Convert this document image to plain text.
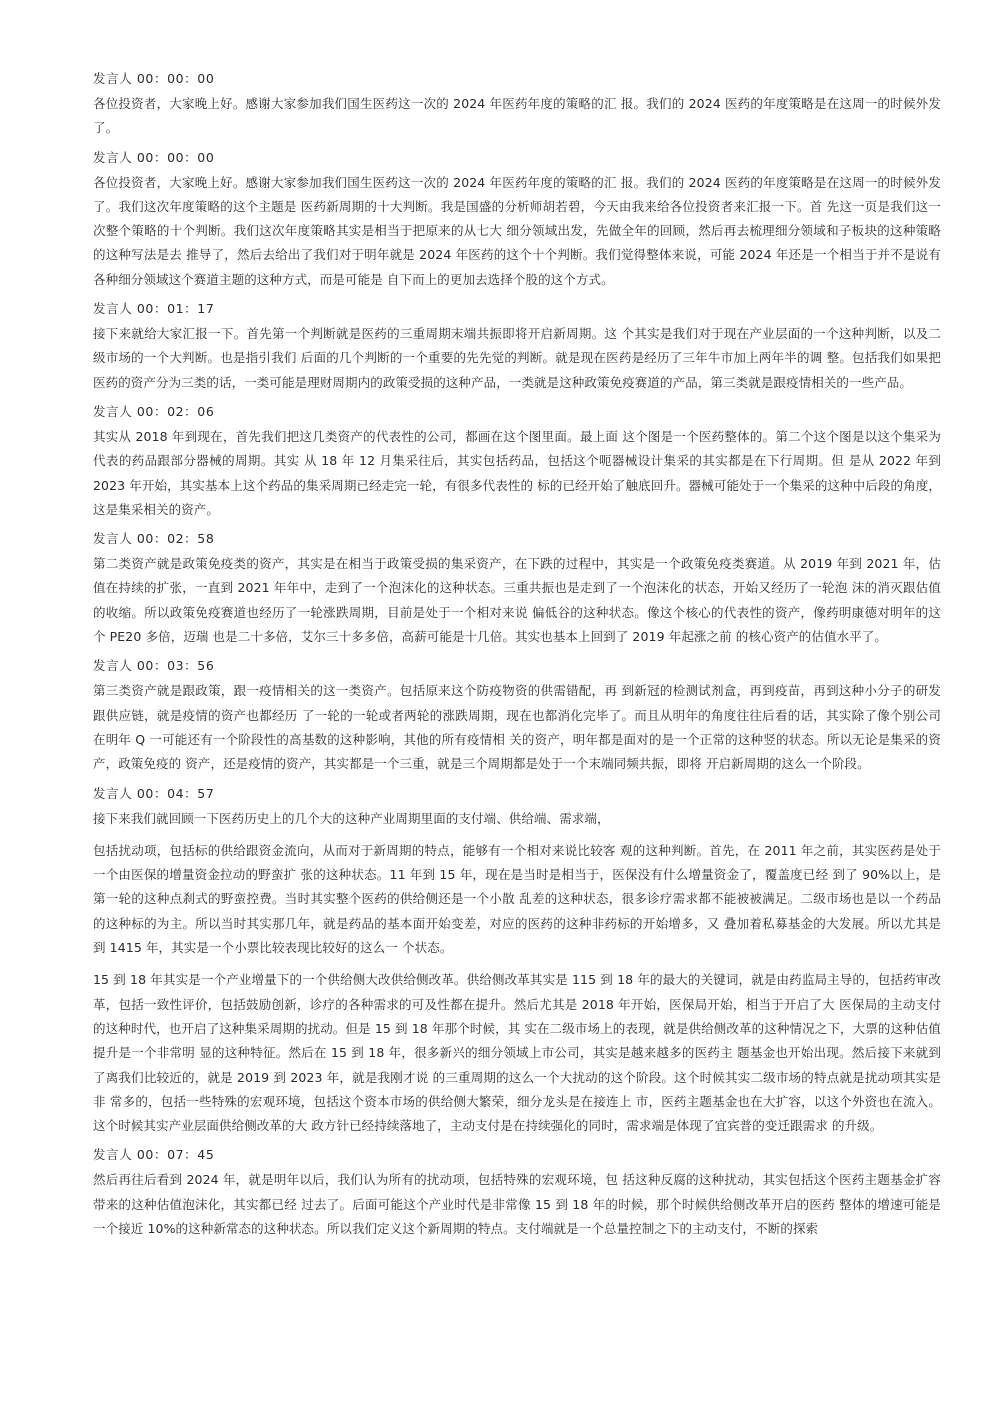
发言人 00：00：00

各位投资者，大家晚上好。感谢大家参加我们国生医药这一次的 2024 年医药年度的策略的汇 报。我们的 2024 医药的年度策略是在这周一的时候外发了。

发言人 00：00：00

各位投资者，大家晚上好。感谢大家参加我们国生医药这一次的 2024 年医药年度的策略的汇 报。我们的 2024 医药的年度策略是在这周一的时候外发了。我们这次年度策略的这个主题是 医药新周期的十大判断。我是国盛的分析师胡若碧，今天由我来给各位投资者来汇报一下。首 先这一页是我们这一次整个策略的十个判断。我们这次年度策略其实是相当于把原来的从七大 细分领域出发，先做全年的回顾，然后再去梳理细分领域和子板块的这种策略的这种写法是去 推导了，然后去给出了我们对于明年就是 2024 年医药的这个十个判断。我们觉得整体来说，可能 2024 年还是一个相当于并不是说有各种细分领域这个赛道主题的这种方式，而是可能是 自下而上的更加去选择个股的这个方式。

发言人 00：01：17

接下来就给大家汇报一下。首先第一个判断就是医药的三重周期末端共振即将开启新周期。这 个其实是我们对于现在产业层面的一个这种判断，以及二级市场的一个大判断。也是指引我们 后面的几个判断的一个重要的先先觉的判断。就是现在医药是经历了三年牛市加上两年半的调 整。包括我们如果把医药的资产分为三类的话，一类可能是理财周期内的政策受损的这种产品，一类就是这种政策免疫赛道的产品，第三类就是跟疫情相关的一些产品。

发言人 00：02：06

其实从 2018 年到现在，首先我们把这几类资产的代表性的公司，都画在这个图里面。最上面 这个图是一个医药整体的。第二个这个图是以这个集采为代表的药品跟部分器械的周期。其实 从 18 年 12 月集采往后，其实包括药品，包括这个呃器械设计集采的其实都是在下行周期。但 是从 2022 年到 2023 年开始，其实基本上这个药品的集采周期已经走完一轮，有很多代表性的 标的已经开始了触底回升。器械可能处于一个集采的这种中后段的角度，这是集采相关的资产。

发言人 00：02：58

第二类资产就是政策免疫类的资产，其实是在相当于政策受损的集采资产，在下跌的过程中，其实是一个政策免疫类赛道。从 2019 年到 2021 年，估值在持续的扩张，一直到 2021 年年中，走到了一个泡沫化的这种状态。三重共振也是走到了一个泡沫化的状态，开始又经历了一轮泡 沫的消灭跟估值的收缩。所以政策免疫赛道也经历了一轮涨跌周期，目前是处于一个相对来说 偏低谷的这种状态。像这个核心的代表性的资产，像药明康德对明年的这个 PE20 多倍，迈瑞 也是二十多倍，艾尔三十多多倍，高薪可能是十几倍。其实也基本上回到了 2019 年起涨之前 的核心资产的估值水平了。

发言人 00：03：56

第三类资产就是跟政策，跟一疫情相关的这一类资产。包括原来这个防疫物资的供需错配，再 到新冠的检测试剂盒，再到疫苗，再到这种小分子的研发跟供应链，就是疫情的资产也都经历 了一轮的一轮或者两轮的涨跌周期，现在也都消化完毕了。而且从明年的角度往往后看的话，其实除了像个别公司在明年 Q 一可能还有一个阶段性的高基数的这种影响，其他的所有疫情相 关的资产，明年都是面对的是一个正常的这种竖的状态。所以无论是集采的资产，政策免疫的 资产，还是疫情的资产，其实都是一个三重，就是三个周期都是处于一个末端同频共振，即将 开启新周期的这么一个阶段。

发言人 00：04：57

接下来我们就回顾一下医药历史上的几个大的这种产业周期里面的支付端、供给端、需求端，

包括扰动项，包括标的供给跟资金流向，从而对于新周期的特点，能够有一个相对来说比较客 观的这种判断。首先，在 2011 年之前，其实医药是处于一个由医保的增量资金拉动的野蛮扩 张的这种状态。11 年到 15 年，现在是当时是相当于，医保没有什么增量资金了，覆盖度已经 到了 90%以上，是第一轮的这种点刹式的野蛮控费。当时其实整个医药的供给侧还是一个小散 乱差的这种状态，很多诊疗需求都不能被被满足。二级市场也是以一个药品的这种标的为主。所以当时其实那几年，就是药品的基本面开始变差，对应的医药的这种非药标的开始增多，又 叠加着私募基金的大发展。所以尤其是到 1415 年，其实是一个小票比较表现比较好的这么一 个状态。

15 到 18 年其实是一个产业增量下的一个供给侧大改供给侧改革。供给侧改革其实是 115 到 18 年的最大的关键词，就是由药监局主导的，包括药审改革，包括一致性评价，包括鼓励创新，诊疗的各种需求的可及性都在提升。然后尤其是 2018 年开始，医保局开始，相当于开启了大 医保局的主动支付的这种时代，也开启了这种集采周期的扰动。但是 15 到 18 年那个时候，其 实在二级市场上的表现，就是供给侧改革的这种情况之下，大票的这种估值提升是一个非常明 显的这种特征。然后在 15 到 18 年，很多新兴的细分领域上市公司，其实是越来越多的医药主 题基金也开始出现。然后接下来就到了离我们比较近的，就是 2019 到 2023 年，就是我刚才说 的三重周期的这么一个大扰动的这个阶段。这个时候其实二级市场的特点就是扰动项其实是非 常多的，包括一些特殊的宏观环境，包括这个资本市场的供给侧大繁荣，细分龙头是在接连上 市，医药主题基金也在大扩容，以这个外资也在流入。这个时候其实产业层面供给侧改革的大 政方针已经持续落地了，主动支付是在持续强化的同时，需求端是体现了宜宾普的变迁跟需求 的升级。

发言人 00：07：45

然后再往后看到 2024 年，就是明年以后，我们认为所有的扰动项，包括特殊的宏观环境，包 括这种反腐的这种扰动，其实包括这个医药主题基金扩容带来的这种估值泡沫化，其实都已经 过去了。后面可能这个产业时代是非常像 15 到 18 年的时候，那个时候供给侧改革开启的医药 整体的增速可能是一个接近 10%的这种新常态的这种状态。所以我们定义这个新周期的特点。支付端就是一个总量控制之下的主动支付，不断的探索
